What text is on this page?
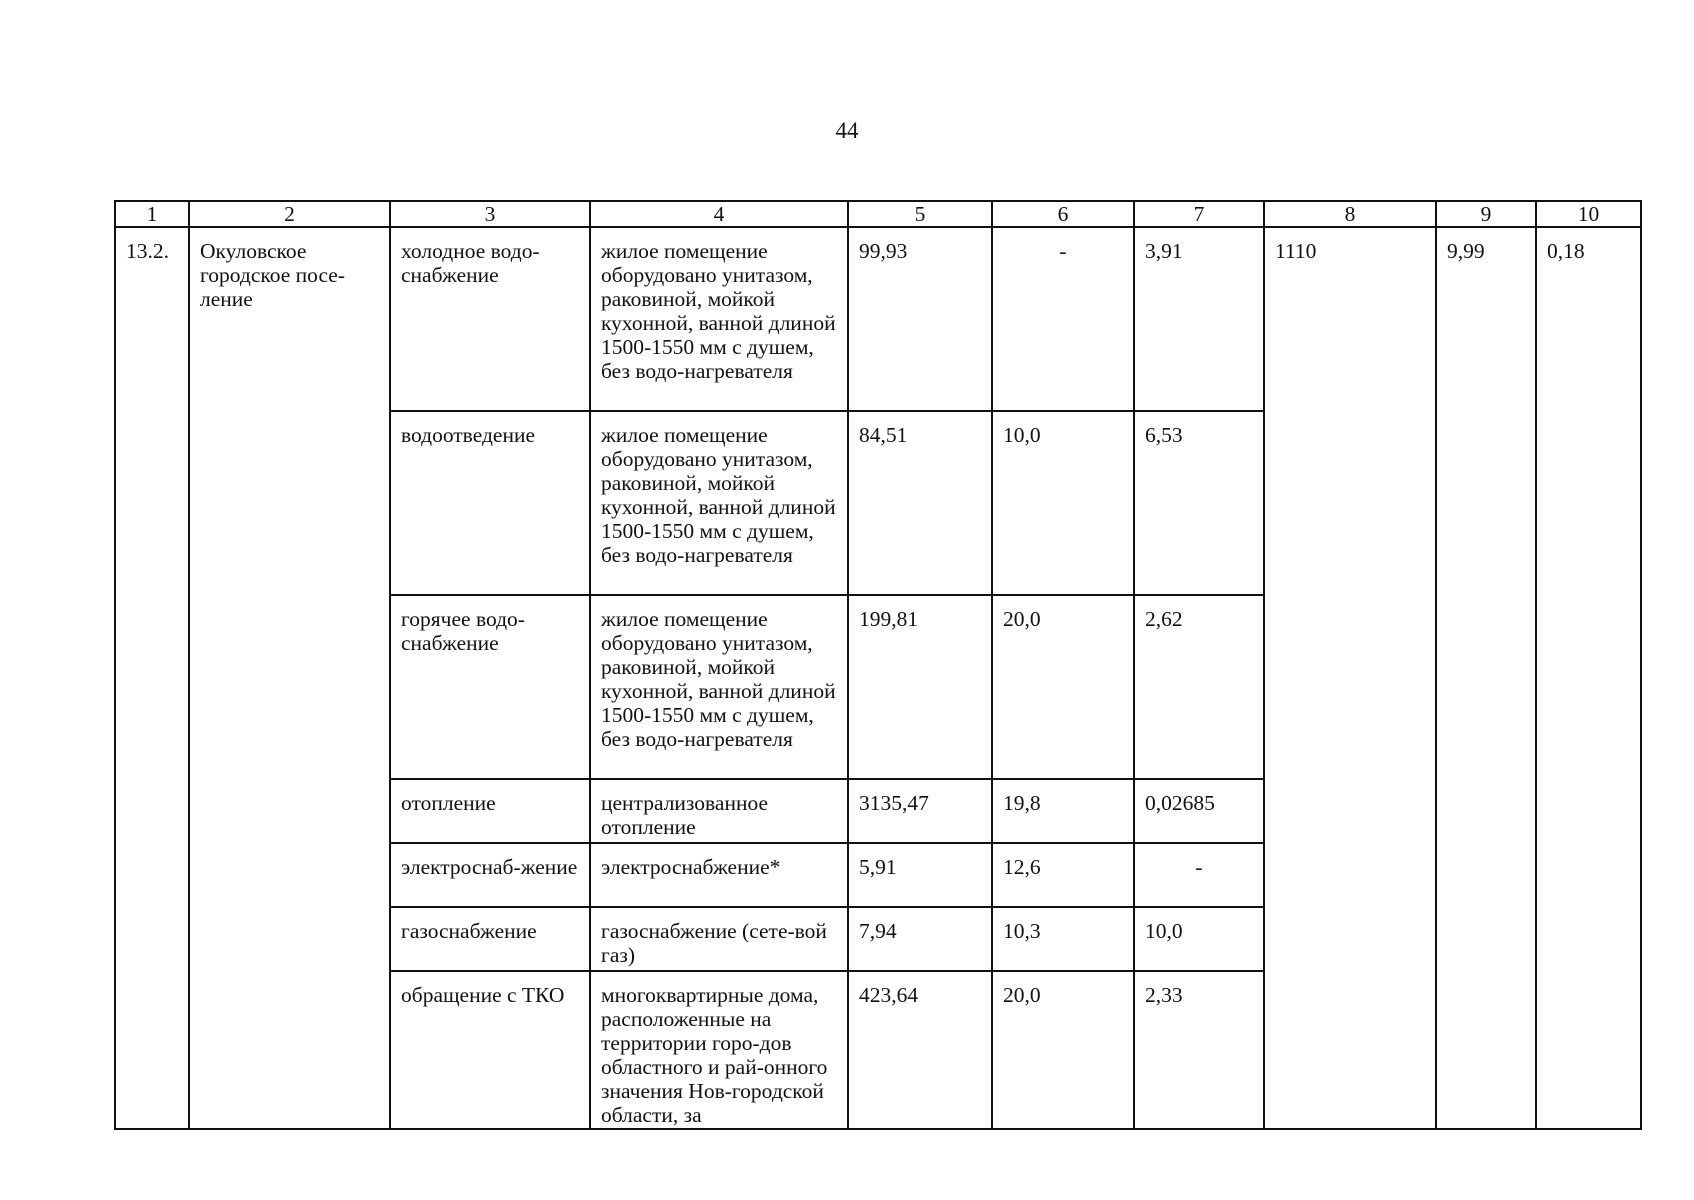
44
1	2	3	4	5	6	7	8	9	10
13.2.	Окуловское городское посе-ление	холодное водо-снабжение	жилое помещение оборудовано унитазом, раковиной, мойкой кухонной, ванной длиной 1500-1550 мм с душем, без водо-нагревателя	99,93	-	3,91	1110	9,99	0,18
		водоотведение	жилое помещение оборудовано унитазом, раковиной, мойкой кухонной, ванной длиной 1500-1550 мм с душем, без водо-нагревателя	84,51	10,0	6,53			
		горячее водо-снабжение	жилое помещение оборудовано унитазом, раковиной, мойкой кухонной, ванной длиной 1500-1550 мм с душем, без водо-нагревателя	199,81	20,0	2,62			
		отопление	централизованное отопление	3135,47	19,8	0,02685			
		электроснаб-жение	электроснабжение*	5,91	12,6	-			
		газоснабжение	газоснабжение (сете-вой газ)	7,94	10,3	10,0			
		обращение с ТКО	многоквартирные дома, расположенные на территории горо-дов областного и рай-онного значения Нов-городской области, за	423,64	20,0	2,33			
